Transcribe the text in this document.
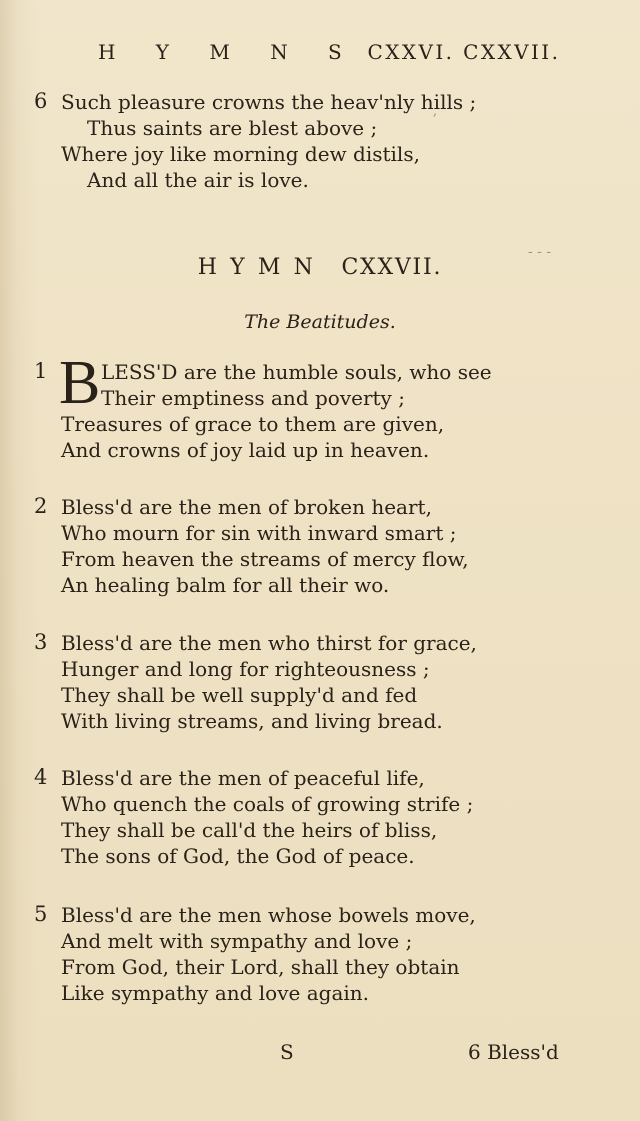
H Y M N S CXXVI. CXXVII.
6 Such pleasure crowns the heav'nly hills ;
Thus saints are blest above ;
Where joy like morning dew distils,
And all the air is love.
ʼ
- - -
HYMN CXXVII.
The Beatitudes.
B
1	LESS'D are the humble souls, who see
Their emptiness and poverty ;
Treasures of grace to them are given,
And crowns of joy laid up in heaven.
2 Bless'd are the men of broken heart,
Who mourn for sin with inward smart ;
From heaven the streams of mercy flow,
An healing balm for all their wo.
3 Bless'd are the men who thirst for grace,
Hunger and long for righteousness ;
They shall be well supply'd and fed
With living streams, and living bread.
4 Bless'd are the men of peaceful life,
Who quench the coals of growing strife ;
They shall be call'd the heirs of bliss,
The sons of God, the God of peace.
5 Bless'd are the men whose bowels move,
And melt with sympathy and love ;
From God, their Lord, shall they obtain
Like sympathy and love again.
S	6 Bless'd
